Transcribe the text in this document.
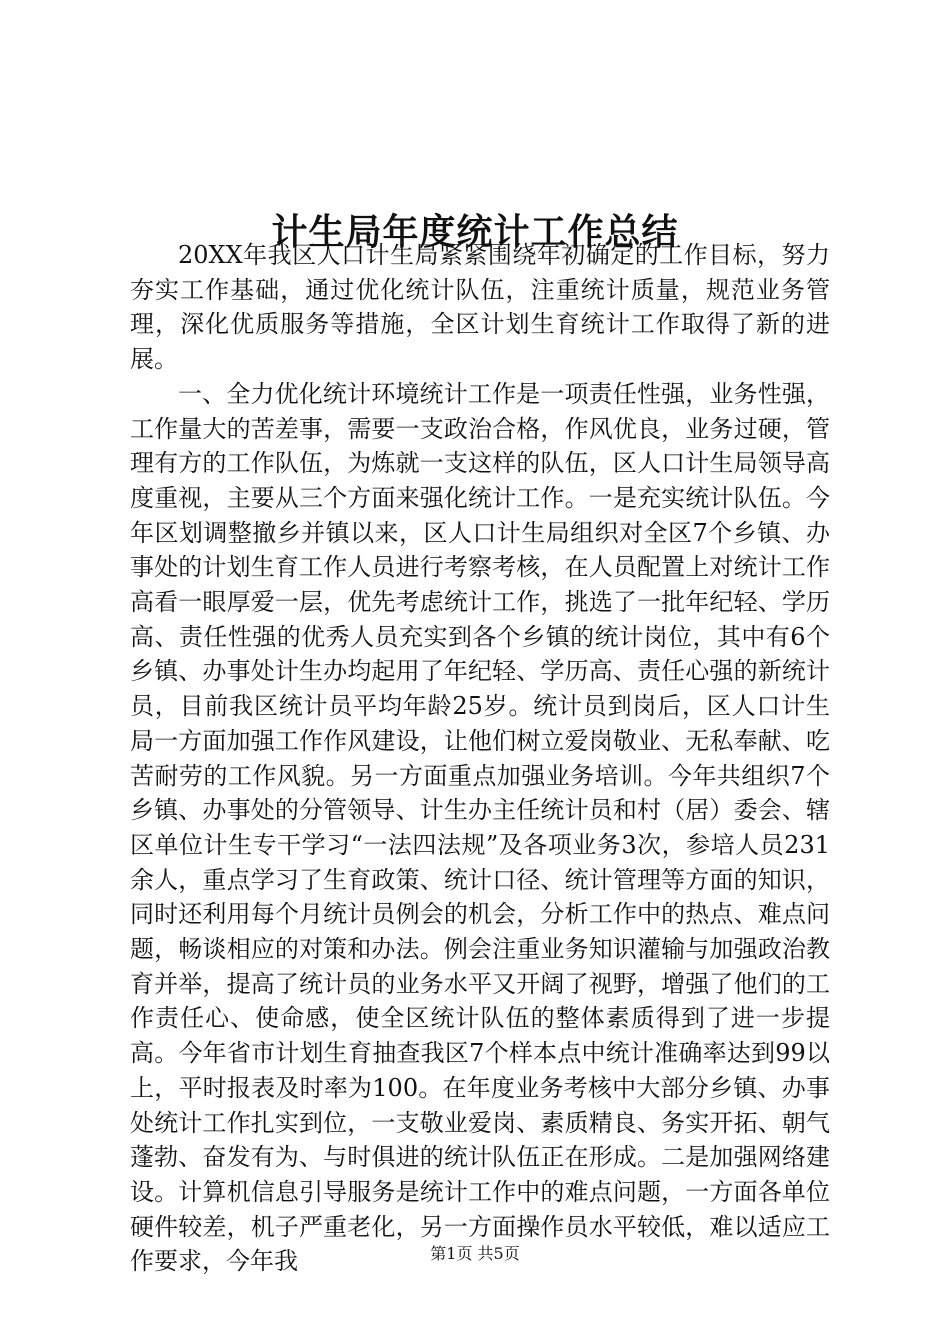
计生局年度统计工作总结

20XX年我区人口计生局紧紧围绕年初确定的工作目标，努力夯实工作基础，通过优化统计队伍，注重统计质量，规范业务管理，深化优质服务等措施，全区计划生育统计工作取得了新的进展。

一、全力优化统计环境统计工作是一项责任性强，业务性强，工作量大的苦差事，需要一支政治合格，作风优良，业务过硬，管理有方的工作队伍，为炼就一支这样的队伍，区人口计生局领导高度重视，主要从三个方面来强化统计工作。一是充实统计队伍。今年区划调整撤乡并镇以来，区人口计生局组织对全区7个乡镇、办事处的计划生育工作人员进行考察考核，在人员配置上对统计工作高看一眼厚爱一层，优先考虑统计工作，挑选了一批年纪轻、学历高、责任性强的优秀人员充实到各个乡镇的统计岗位，其中有6个乡镇、办事处计生办均起用了年纪轻、学历高、责任心强的新统计员，目前我区统计员平均年龄25岁。统计员到岗后，区人口计生局一方面加强工作作风建设，让他们树立爱岗敬业、无私奉献、吃苦耐劳的工作风貌。另一方面重点加强业务培训。今年共组织7个乡镇、办事处的分管领导、计生办主任统计员和村（居）委会、辖区单位计生专干学习“一法四法规”及各项业务3次，参培人员231余人，重点学习了生育政策、统计口径、统计管理等方面的知识，同时还利用每个月统计员例会的机会，分析工作中的热点、难点问题，畅谈相应的对策和办法。例会注重业务知识灌输与加强政治教育并举，提高了统计员的业务水平又开阔了视野，增强了他们的工作责任心、使命感，使全区统计队伍的整体素质得到了进一步提高。今年省市计划生育抽查我区7个样本点中统计准确率达到99以上，平时报表及时率为100。在年度业务考核中大部分乡镇、办事处统计工作扎实到位，一支敬业爱岗、素质精良、务实开拓、朝气蓬勃、奋发有为、与时俱进的统计队伍正在形成。二是加强网络建设。计算机信息引导服务是统计工作中的难点问题，一方面各单位硬件较差，机子严重老化，另一方面操作员水平较低，难以适应工作要求，今年我	第1页 共5页
